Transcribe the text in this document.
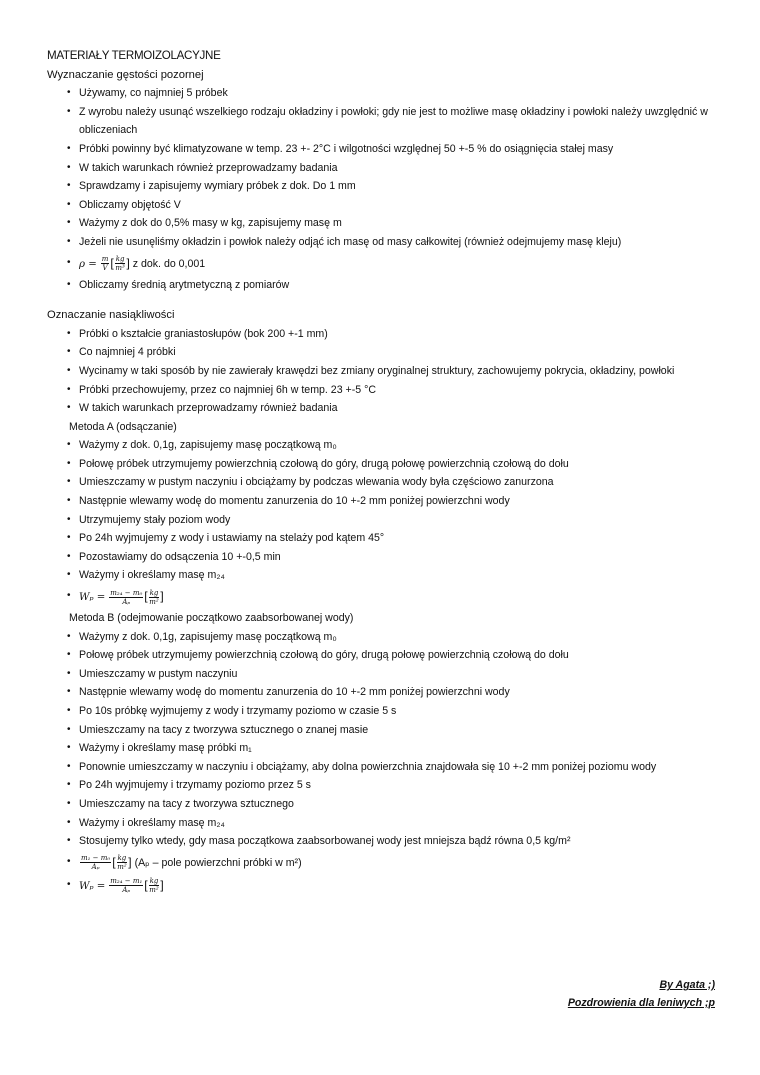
MATERIAŁY TERMOIZOLACYJNE
Wyznaczanie gęstości pozornej
• Używamy, co najmniej 5 próbek
• Z wyrobu należy usunąć wszelkiego rodzaju okładziny i powłoki; gdy nie jest to możliwe masę okładziny i powłoki należy uwzględnić w obliczeniach
• Próbki powinny być klimatyzowane w temp. 23 +- 2°C i wilgotności względnej 50 +-5 % do osiągnięcia stałej masy
• W takich warunkach również przeprowadzamy badania
• Sprawdzamy i zapisujemy wymiary próbek z dok. Do 1 mm
• Obliczamy objętość V
• Ważymy z dok do 0,5% masy w kg, zapisujemy masę m
• Jeżeli nie usunęliśmy okładzin i powłok należy odjąć ich masę od masy całkowitej (również odejmujemy masę kleju)
• $\rho = \frac{m}{V}$ [ $\frac{kg}{\text{m³}}$ ] z dok. do 0,001
• Obliczamy średnią arytmetyczną z pomiarów
Oznaczanie nasiąkliwości
• Próbki o kształcie graniastosłupów (bok 200 +-1 mm)
• Co najmniej 4 próbki
• Wycinamy w taki sposób by nie zawierały krawędzi bez zmiany oryginalnej struktury, zachowujemy pokrycia, okładziny, powłoki
• Próbki przechowujemy, przez co najmniej 6h w temp. 23 +-5 °C
• W takich warunkach przeprowadzamy również badania
Metoda A (odsączanie)
• Ważymy z dok. 0,1g, zapisujemy masę początkową m₀
• Połowę próbek utrzymujemy powierzchnią czołową do góry, drugą połowę powierzchnią czołową do dołu
• Umieszczamy w pustym naczyniu i obciążamy by podczas wlewania wody była częściowo zanurzona
• Następnie wlewamy wodę do momentu zanurzenia do 10 +-2 mm poniżej powierzchni wody
• Utrzymujemy stały poziom wody
• Po 24h wyjmujemy z wody i ustawiamy na stelaży pod kątem 45°
• Pozostawiamy do odsączenia 10 +-0,5 min
• Ważymy i określamy masę m₂₄
• $W_p = \frac{\text{m₂₄ − m₀}}{\text{Aₚ}}$ [ $\frac{kg}{\text{m²}}$ ]
Metoda B (odejmowanie początkowo zaabsorbowanej wody)
• Ważymy z dok. 0,1g, zapisujemy masę początkową m₀
• Połowę próbek utrzymujemy powierzchnią czołową do góry, drugą połowę powierzchnią czołową do dołu
• Umieszczamy w pustym naczyniu
• Następnie wlewamy wodę do momentu zanurzenia do 10 +-2 mm poniżej powierzchni wody
• Po 10s próbkę wyjmujemy z wody i trzymamy poziomo w czasie 5 s
• Umieszczamy na tacy z tworzywa sztucznego o znanej masie
• Ważymy i określamy masę próbki m₁
• Ponownie umieszczamy w naczyniu i obciążamy, aby dolna powierzchnia znajdowała się 10 +-2 mm poniżej poziomu wody
• Po 24h wyjmujemy i trzymamy poziomo przez 5 s
• Umieszczamy na tacy z tworzywa sztucznego
• Ważymy i określamy masę m₂₄
• Stosujemy tylko wtedy, gdy masa początkowa zaabsorbowanej wody jest mniejsza bądź równa 0,5 kg/m²
• $\frac{\text{m₁ − m₀}}{\text{Aₚ}}$ [ $\frac{kg}{\text{m²}}$ ] (Aₚ – pole powierzchni próbki w m²)
• $W_p = \frac{\text{m₂₄ − m₁}}{\text{Aₚ}}$ [ $\frac{kg}{\text{m²}}$ ]
By Agata ;)
Pozdrowienia dla leniwych ;p
